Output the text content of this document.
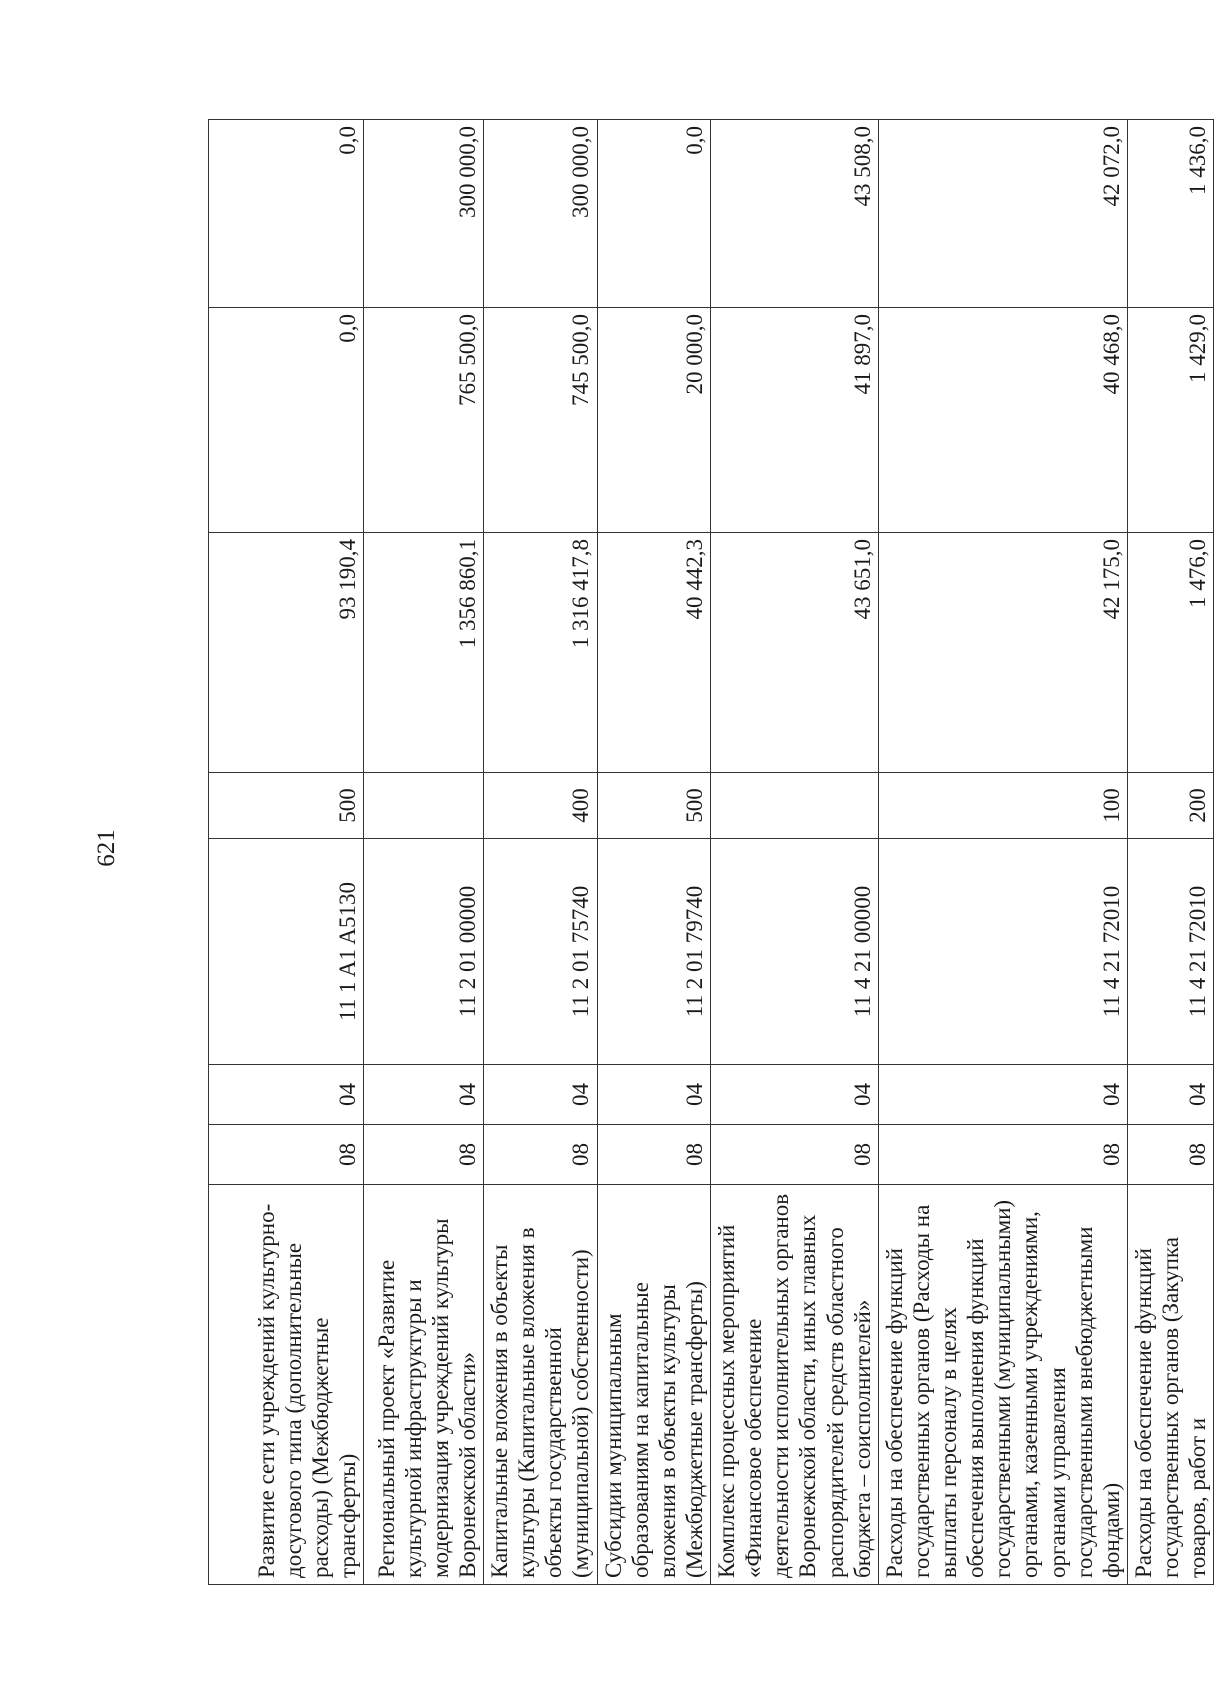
621
Развитие сети учреждений культурно-досугового типа (дополнительные расходы) (Межбюджетные трансферты)	08	04	11 1 A1 A5130	500	93 190,4	0,0	0,0
Региональный проект «Развитие культурной инфраструктуры и модернизация учреждений культуры Воронежской области»	08	04	11 2 01 00000		1 356 860,1	765 500,0	300 000,0
Капитальные вложения в объекты культуры (Капитальные вложения в объекты государственной (муниципальной) собственности)	08	04	11 2 01 75740	400	1 316 417,8	745 500,0	300 000,0
Субсидии муниципальным образованиям на капитальные вложения в объекты культуры (Межбюджетные трансферты)	08	04	11 2 01 79740	500	40 442,3	20 000,0	0,0
Комплекс процессных мероприятий «Финансовое обеспечение деятельности исполнительных органов Воронежской области, иных главных распорядителей средств областного бюджета – соисполнителей»	08	04	11 4 21 00000		43 651,0	41 897,0	43 508,0
Расходы на обеспечение функций государственных органов (Расходы на выплаты персоналу в целях обеспечения выполнения функций государственными (муниципальными) органами, казенными учреждениями, органами управления государственными внебюджетными фондами)	08	04	11 4 21 72010	100	42 175,0	40 468,0	42 072,0
Расходы на обеспечение функций государственных органов (Закупка товаров, работ и	08	04	11 4 21 72010	200	1 476,0	1 429,0	1 436,0
